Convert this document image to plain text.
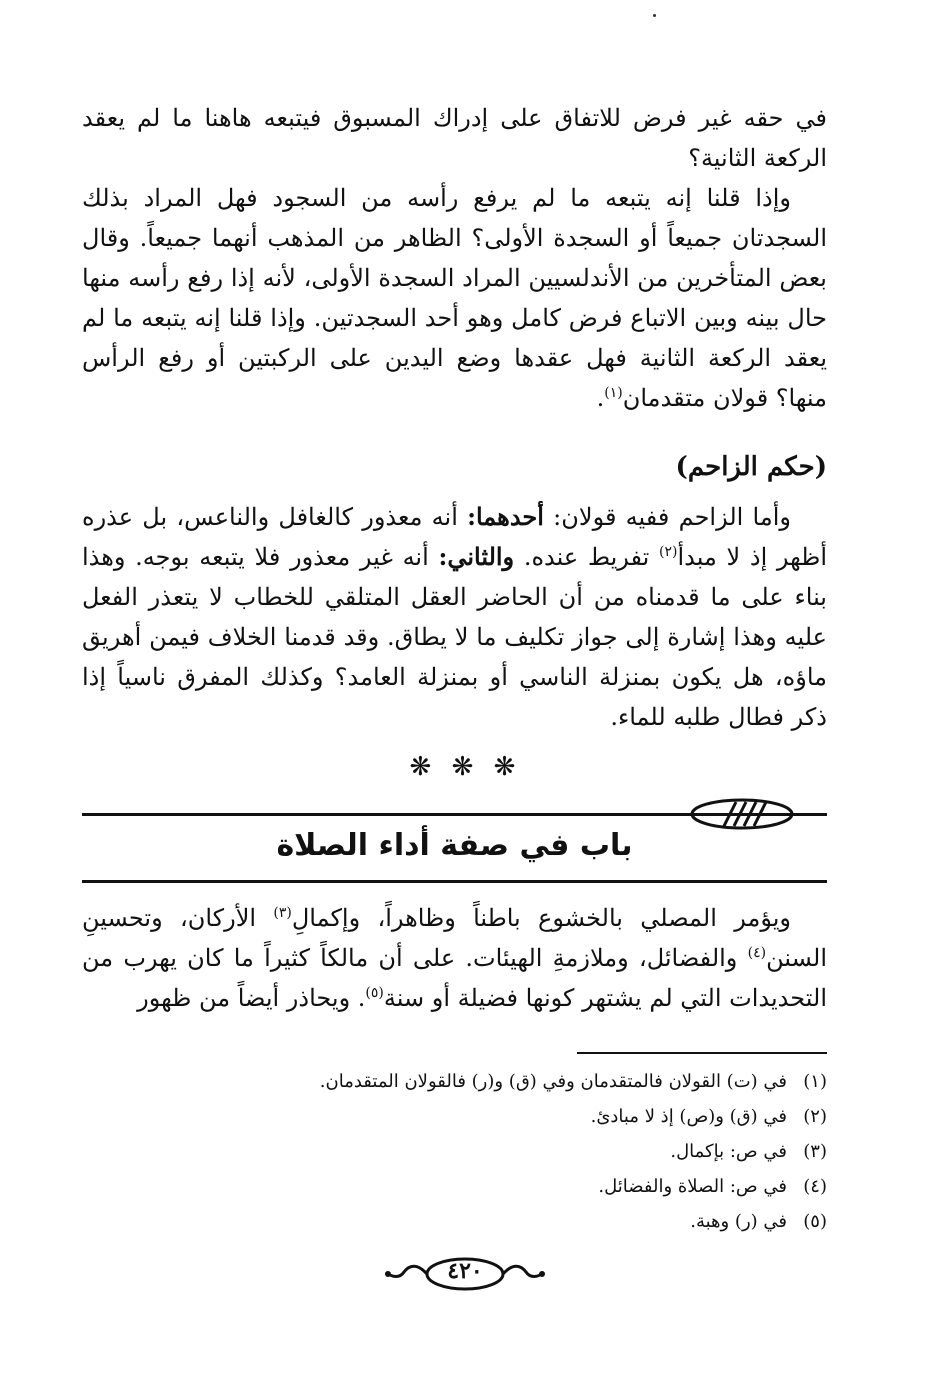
في حقه غير فرض للاتفاق على إدراك المسبوق فيتبعه هاهنا ما لم يعقد الركعة الثانية؟

وإذا قلنا إنه يتبعه ما لم يرفع رأسه من السجود فهل المراد بذلك السجدتان جميعاً أو السجدة الأولى؟ الظاهر من المذهب أنهما جميعاً. وقال بعض المتأخرين من الأندلسيين المراد السجدة الأولى، لأنه إذا رفع رأسه منها حال بينه وبين الاتباع فرض كامل وهو أحد السجدتين. وإذا قلنا إنه يتبعه ما لم يعقد الركعة الثانية فهل عقدها وضع اليدين على الركبتين أو رفع الرأس منها؟ قولان متقدمان$^{(١)}$.

(حكم الزاحم)

وأما الزاحم ففيه قولان: أحدهما: أنه معذور كالغافل والناعس، بل عذره أظهر إذ لا مبدأ$^{(٢)}$ تفريط عنده. والثاني: أنه غير معذور فلا يتبعه بوجه. وهذا بناء على ما قدمناه من أن الحاضر العقل المتلقي للخطاب لا يتعذر الفعل عليه وهذا إشارة إلى جواز تكليف ما لا يطاق. وقد قدمنا الخلاف فيمن أهريق ماؤه، هل يكون بمنزلة الناسي أو بمنزلة العامد؟ وكذلك المفرق ناسياً إذا ذكر فطال طلبه للماء.

❋ ❋ ❋
باب في صفة أداء الصلاة

ويؤمر المصلي بالخشوع باطناً وظاهراً، وإكمالِ$^{(٣)}$ الأركان، وتحسينِ السنن$^{(٤)}$ والفضائل، وملازمةِ الهيئات. على أن مالكاً كثيراً ما كان يهرب من التحديدات التي لم يشتهر كونها فضيلة أو سنة$^{(٥)}$. ويحاذر أيضاً من ظهور

(١)في (ت) القولان فالمتقدمان وفي (ق) و(ر) فالقولان المتقدمان.
(٢)في (ق) و(ص) إذ لا مبادئ.
(٣)في ص: بإكمال.
(٤)في ص: الصلاة والفضائل.
(٥)في (ر) وهبة.
٤٢٠
